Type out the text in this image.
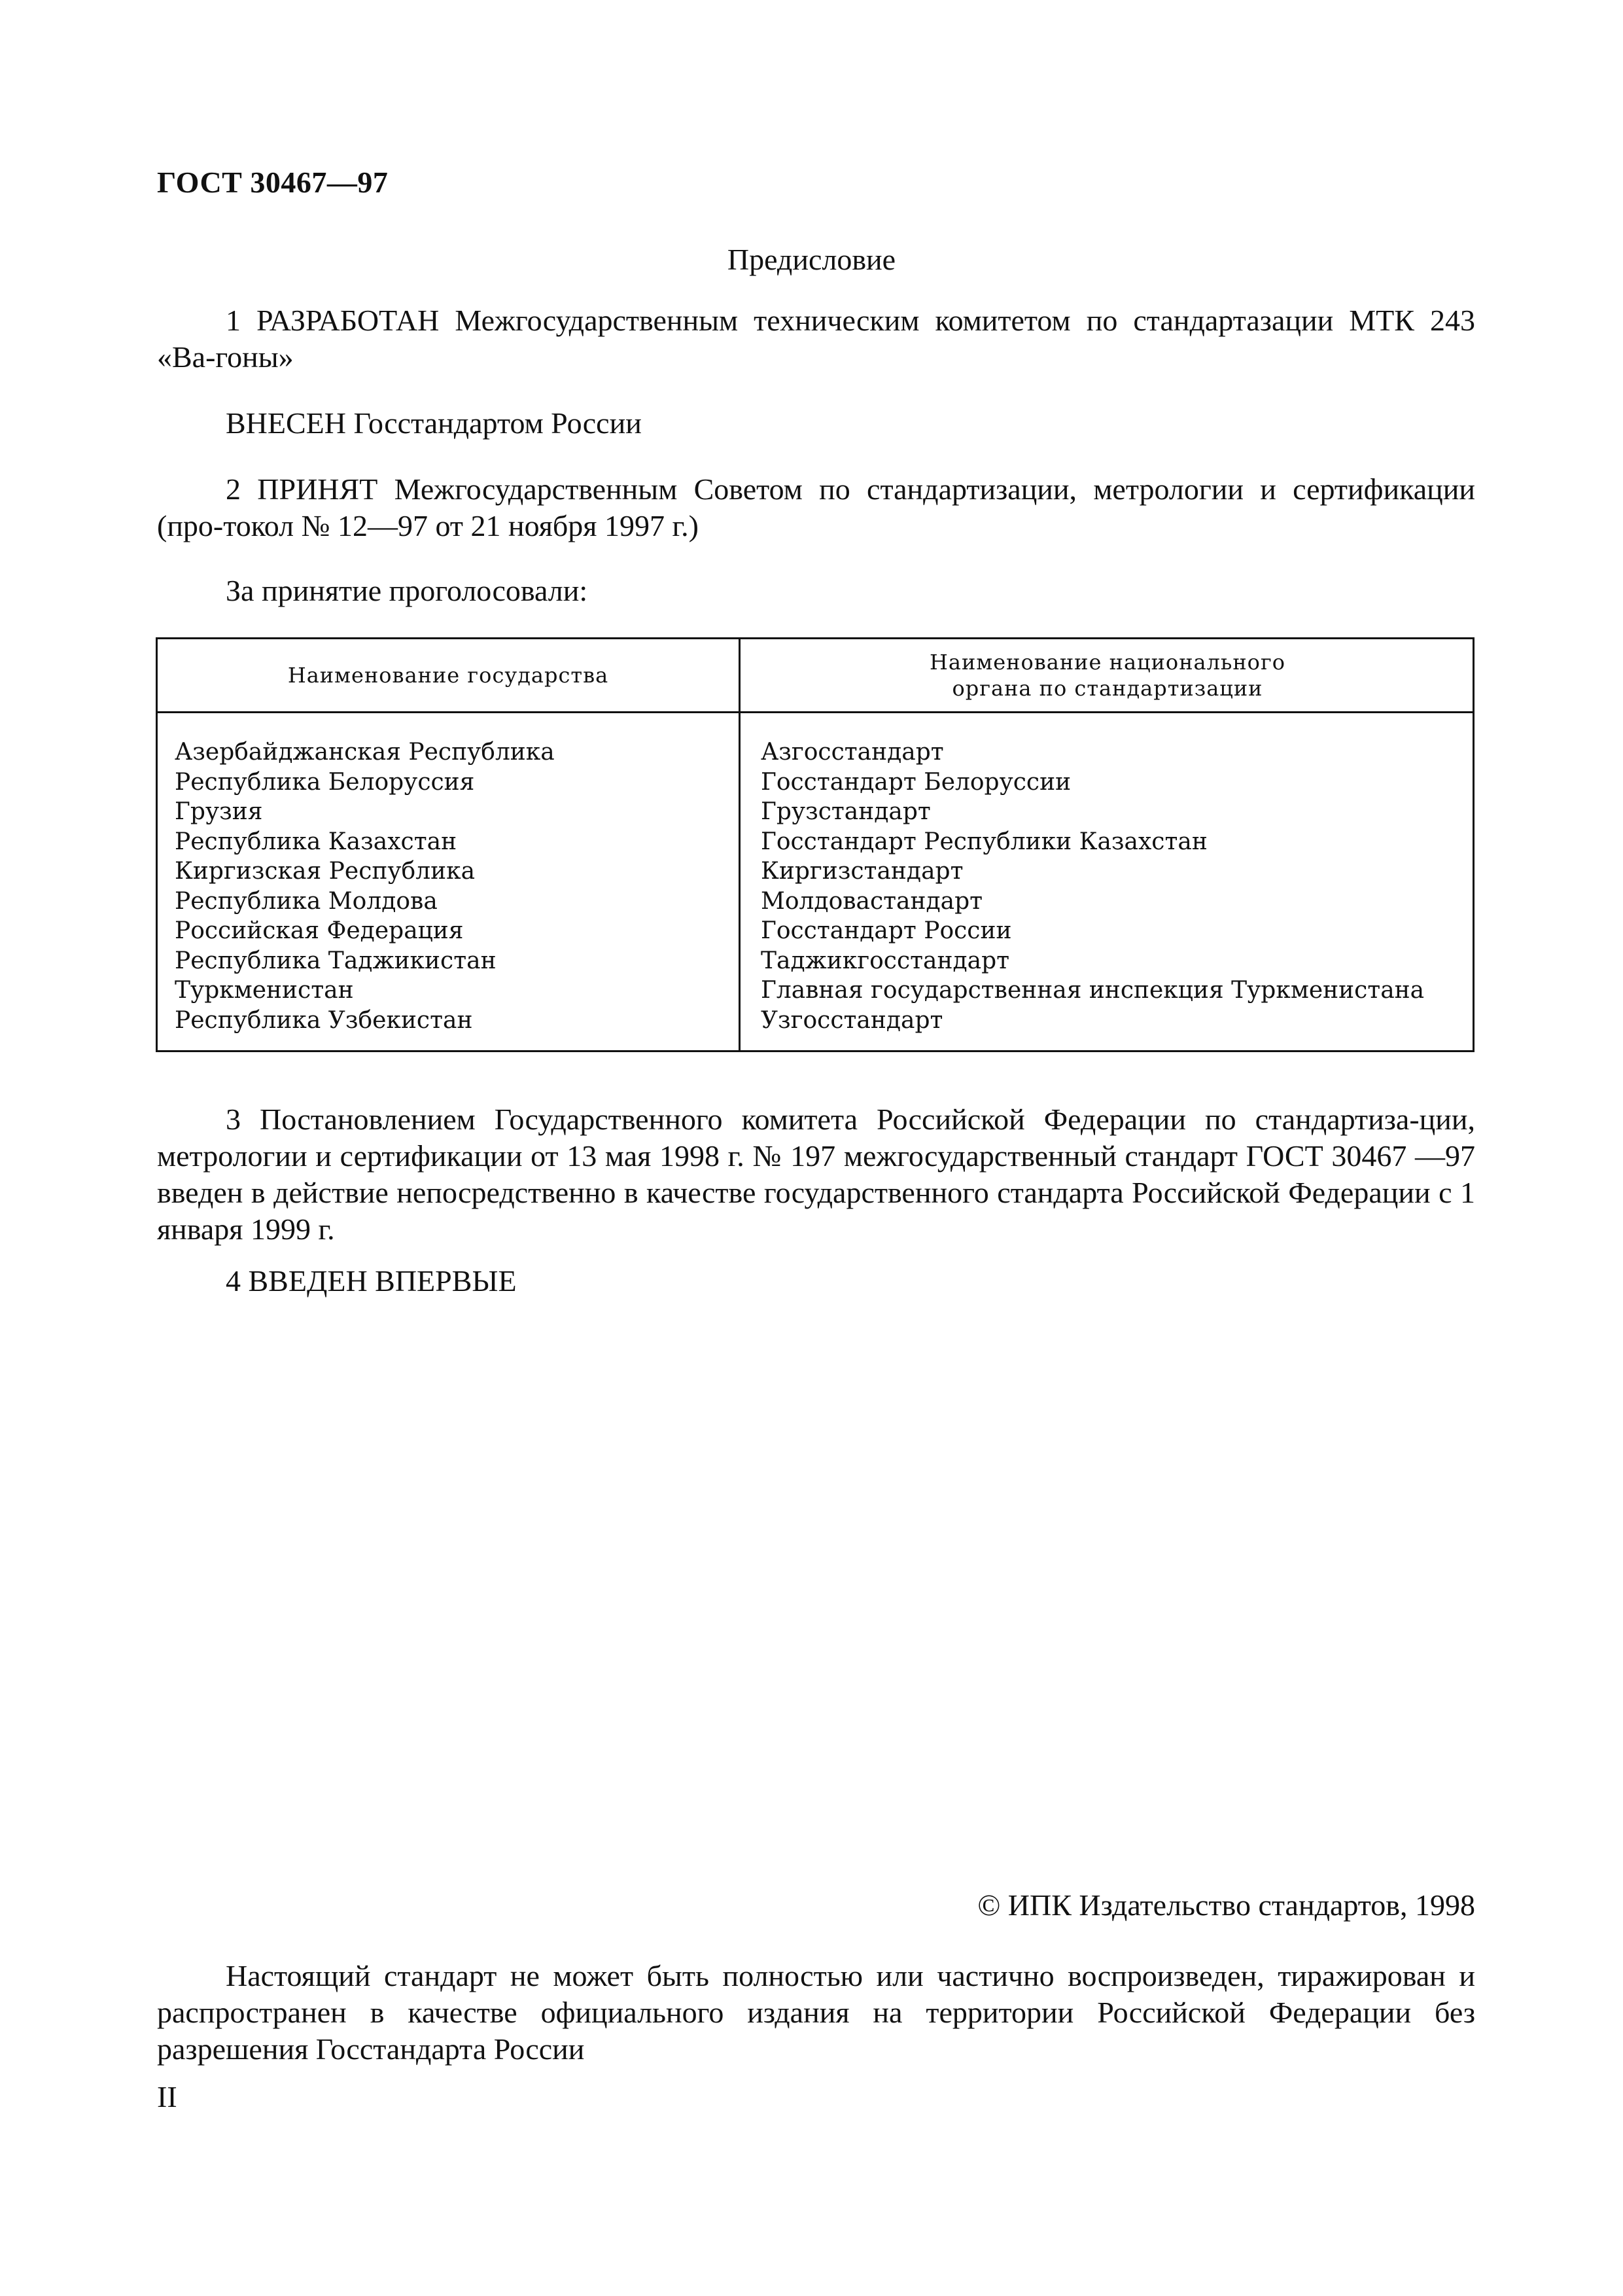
ГОСТ 30467—97
Предисловие
1 РАЗРАБОТАН Межгосударственным техническим комитетом по стандартазации МТК 243 «Ва-гоны»
ВНЕСЕН Госстандартом России
2 ПРИНЯТ Межгосударственным Советом по стандартизации, метрологии и сертификации (про-токол № 12—97 от 21 ноября 1997 г.)
За принятие проголосовали:
Наименование государства
Наименование национального
органа по стандартизации
Азербайджанская Республика
Республика Белоруссия
Грузия
Республика Казахстан
Киргизская Республика
Республика Молдова
Российская Федерация
Республика Таджикистан
Туркменистан
Республика Узбекистан
Азгосстандарт
Госстандарт Белоруссии
Грузстандарт
Госстандарт Республики Казахстан
Киргизстандарт
Молдовастандарт
Госстандарт России
Таджикгосстандарт
Главная государственная инспекция Туркменистана
Узгосстандарт
3 Постановлением Государственного комитета Российской Федерации по стандартиза-ции, метрологии и сертификации от 13 мая 1998 г. № 197 межгосударственный стандарт ГОСТ 30467 —97 введен в действие непосредственно в качестве государственного стандарта Российской Федерации с 1 января 1999 г.
4 ВВЕДЕН ВПЕРВЫЕ
© ИПК Издательство стандартов, 1998
Настоящий стандарт не может быть полностью или частично воспроизведен, тиражирован и распространен в качестве официального издания на территории Российской Федерации без разрешения Госстандарта России
II
